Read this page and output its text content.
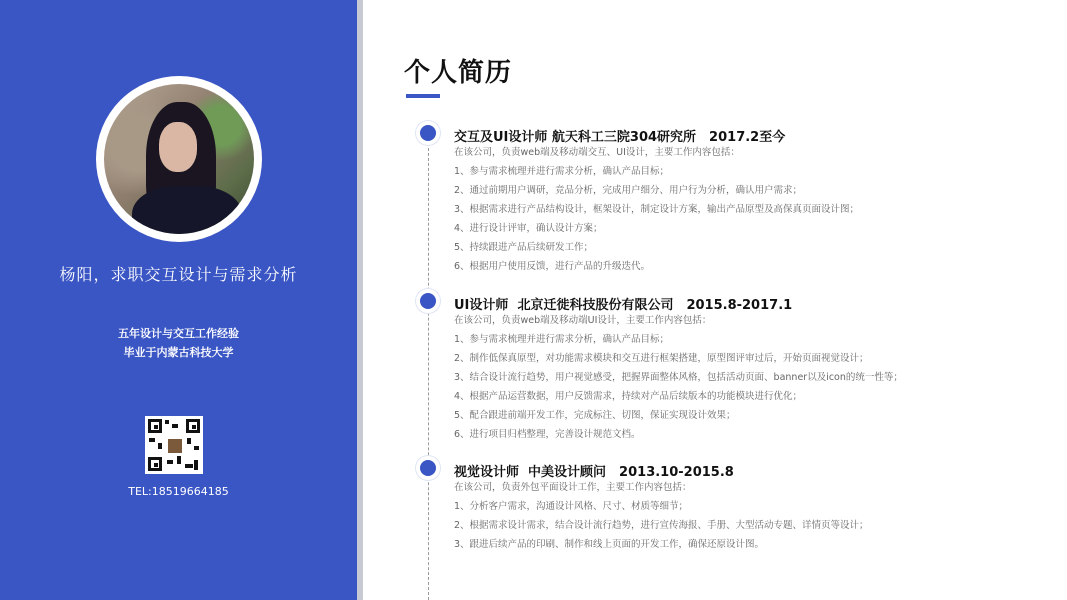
杨阳，求职交互设计与需求分析
五年设计与交互工作经验
毕业于内蒙古科技大学
TEL:18519664185
个人简历
交互及UI设计师 航天科工三院304研究所　2017.2至今
在该公司，负责web端及移动端交互、UI设计，主要工作内容包括：
1、参与需求梳理并进行需求分析，确认产品目标；
2、通过前期用户调研，竞品分析，完成用户细分、用户行为分析，确认用户需求；
3、根据需求进行产品结构设计，框架设计，制定设计方案，输出产品原型及高保真页面设计图；
4、进行设计评审，确认设计方案；
5、持续跟进产品后续研发工作；
6、根据用户使用反馈，进行产品的升级迭代。
UI设计师  北京迁徙科技股份有限公司　2015.8-2017.1
在该公司，负责web端及移动端UI设计，主要工作内容包括：
1、参与需求梳理并进行需求分析，确认产品目标；
2、制作低保真原型，对功能需求模块和交互进行框架搭建，原型图评审过后，开始页面视觉设计；
3、结合设计流行趋势，用户视觉感受，把握界面整体风格，包括活动页面、banner以及icon的统一性等；
4、根据产品运营数据，用户反馈需求，持续对产品后续版本的功能模块进行优化；
5、配合跟进前端开发工作，完成标注、切图，保证实现设计效果；
6、进行项目归档整理，完善设计规范文档。
视觉设计师  中美设计顾问　2013.10-2015.8
在该公司，负责外包平面设计工作，主要工作内容包括：
1、分析客户需求，沟通设计风格、尺寸、材质等细节；
2、根据需求设计需求，结合设计流行趋势，进行宣传海报、手册、大型活动专题、详情页等设计；
3、跟进后续产品的印刷、制作和线上页面的开发工作，确保还原设计图。
